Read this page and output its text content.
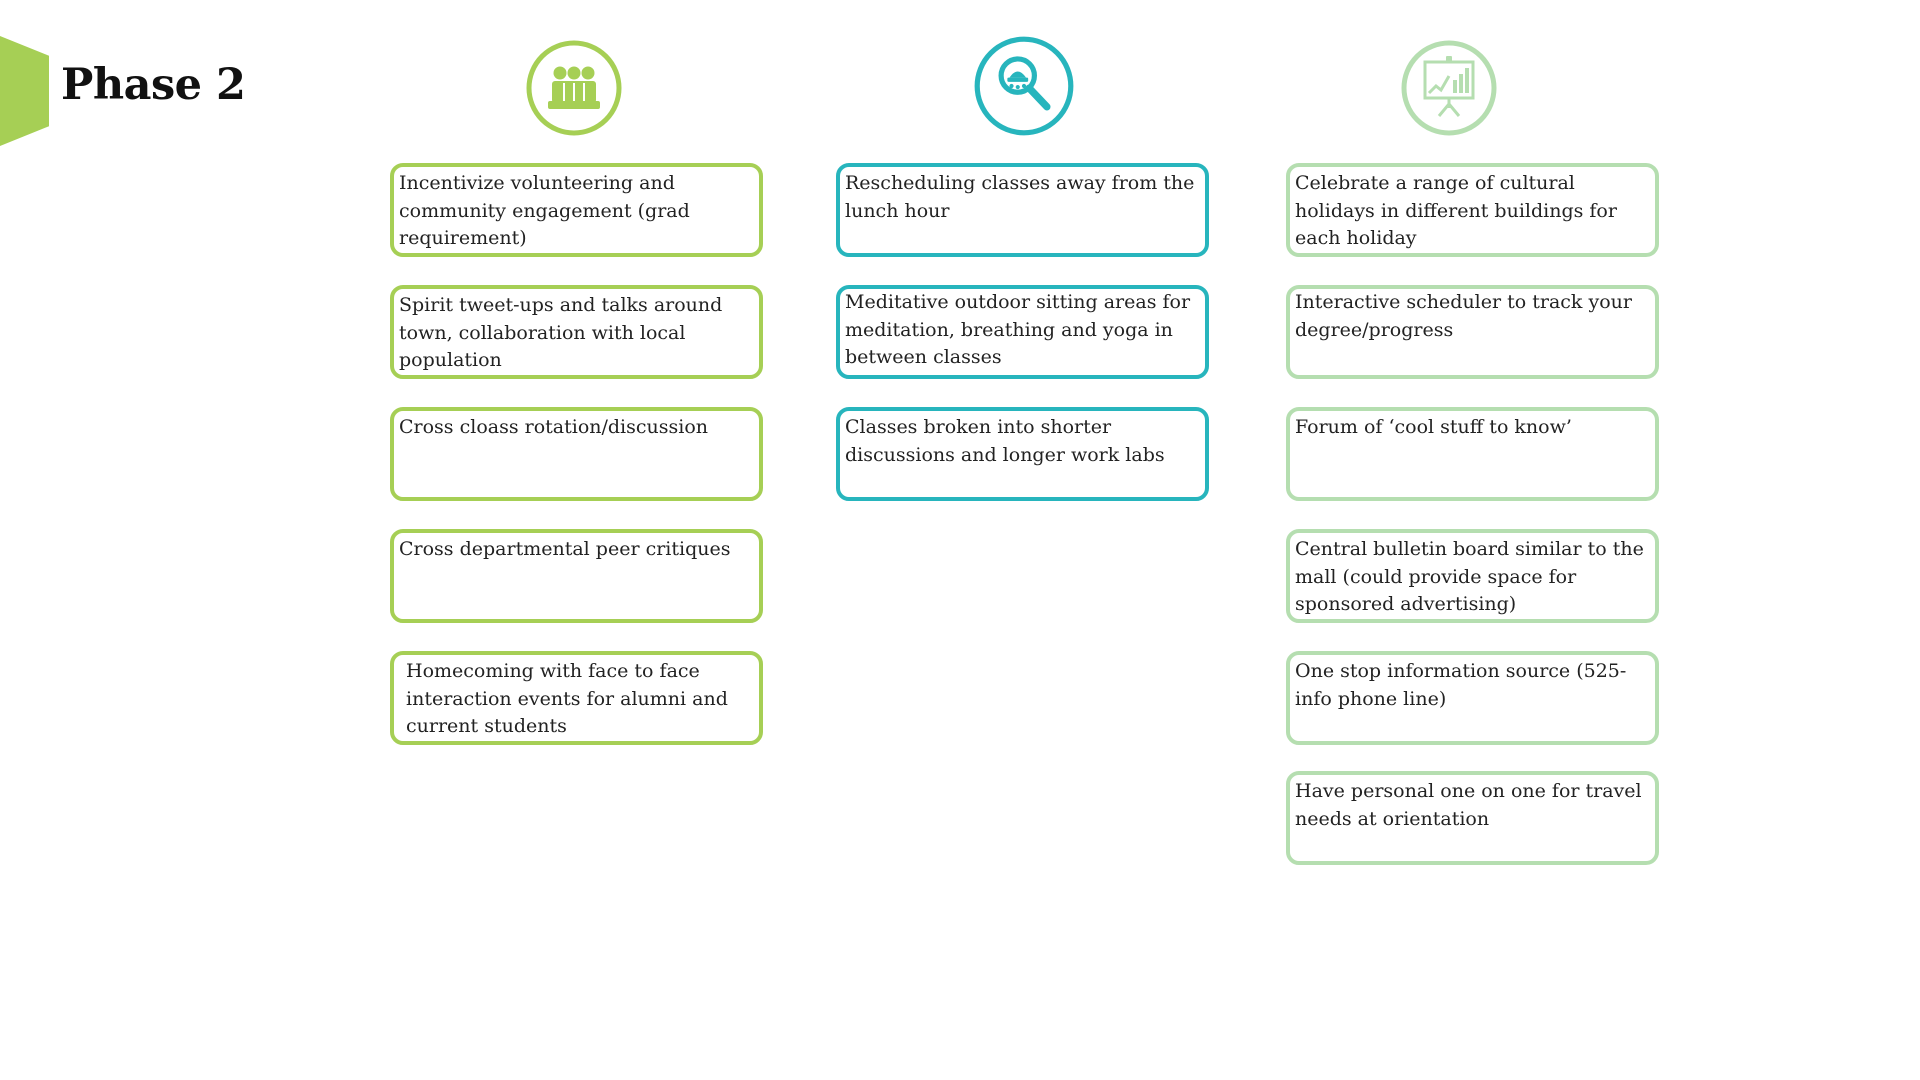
Phase 2
Incentivize volunteering and community engagement (grad requirement)
Spirit tweet-ups and talks around town, collaboration with local population
Cross cloass rotation/discussion
Cross departmental peer critiques
Homecoming with face to face interaction events for alumni and current students
Rescheduling classes away from the lunch hour
Meditative outdoor sitting areas for meditation, breathing and yoga in between classes
Classes broken into shorter discussions and longer work labs
Celebrate a range of cultural holidays in different buildings for each holiday
Interactive scheduler to track your degree/progress
Forum of ‘cool stuff to know’
Central bulletin board similar to the mall (could provide space for sponsored advertising)
One stop information source (525-info phone line)
Have personal one on one for travel needs at orientation
